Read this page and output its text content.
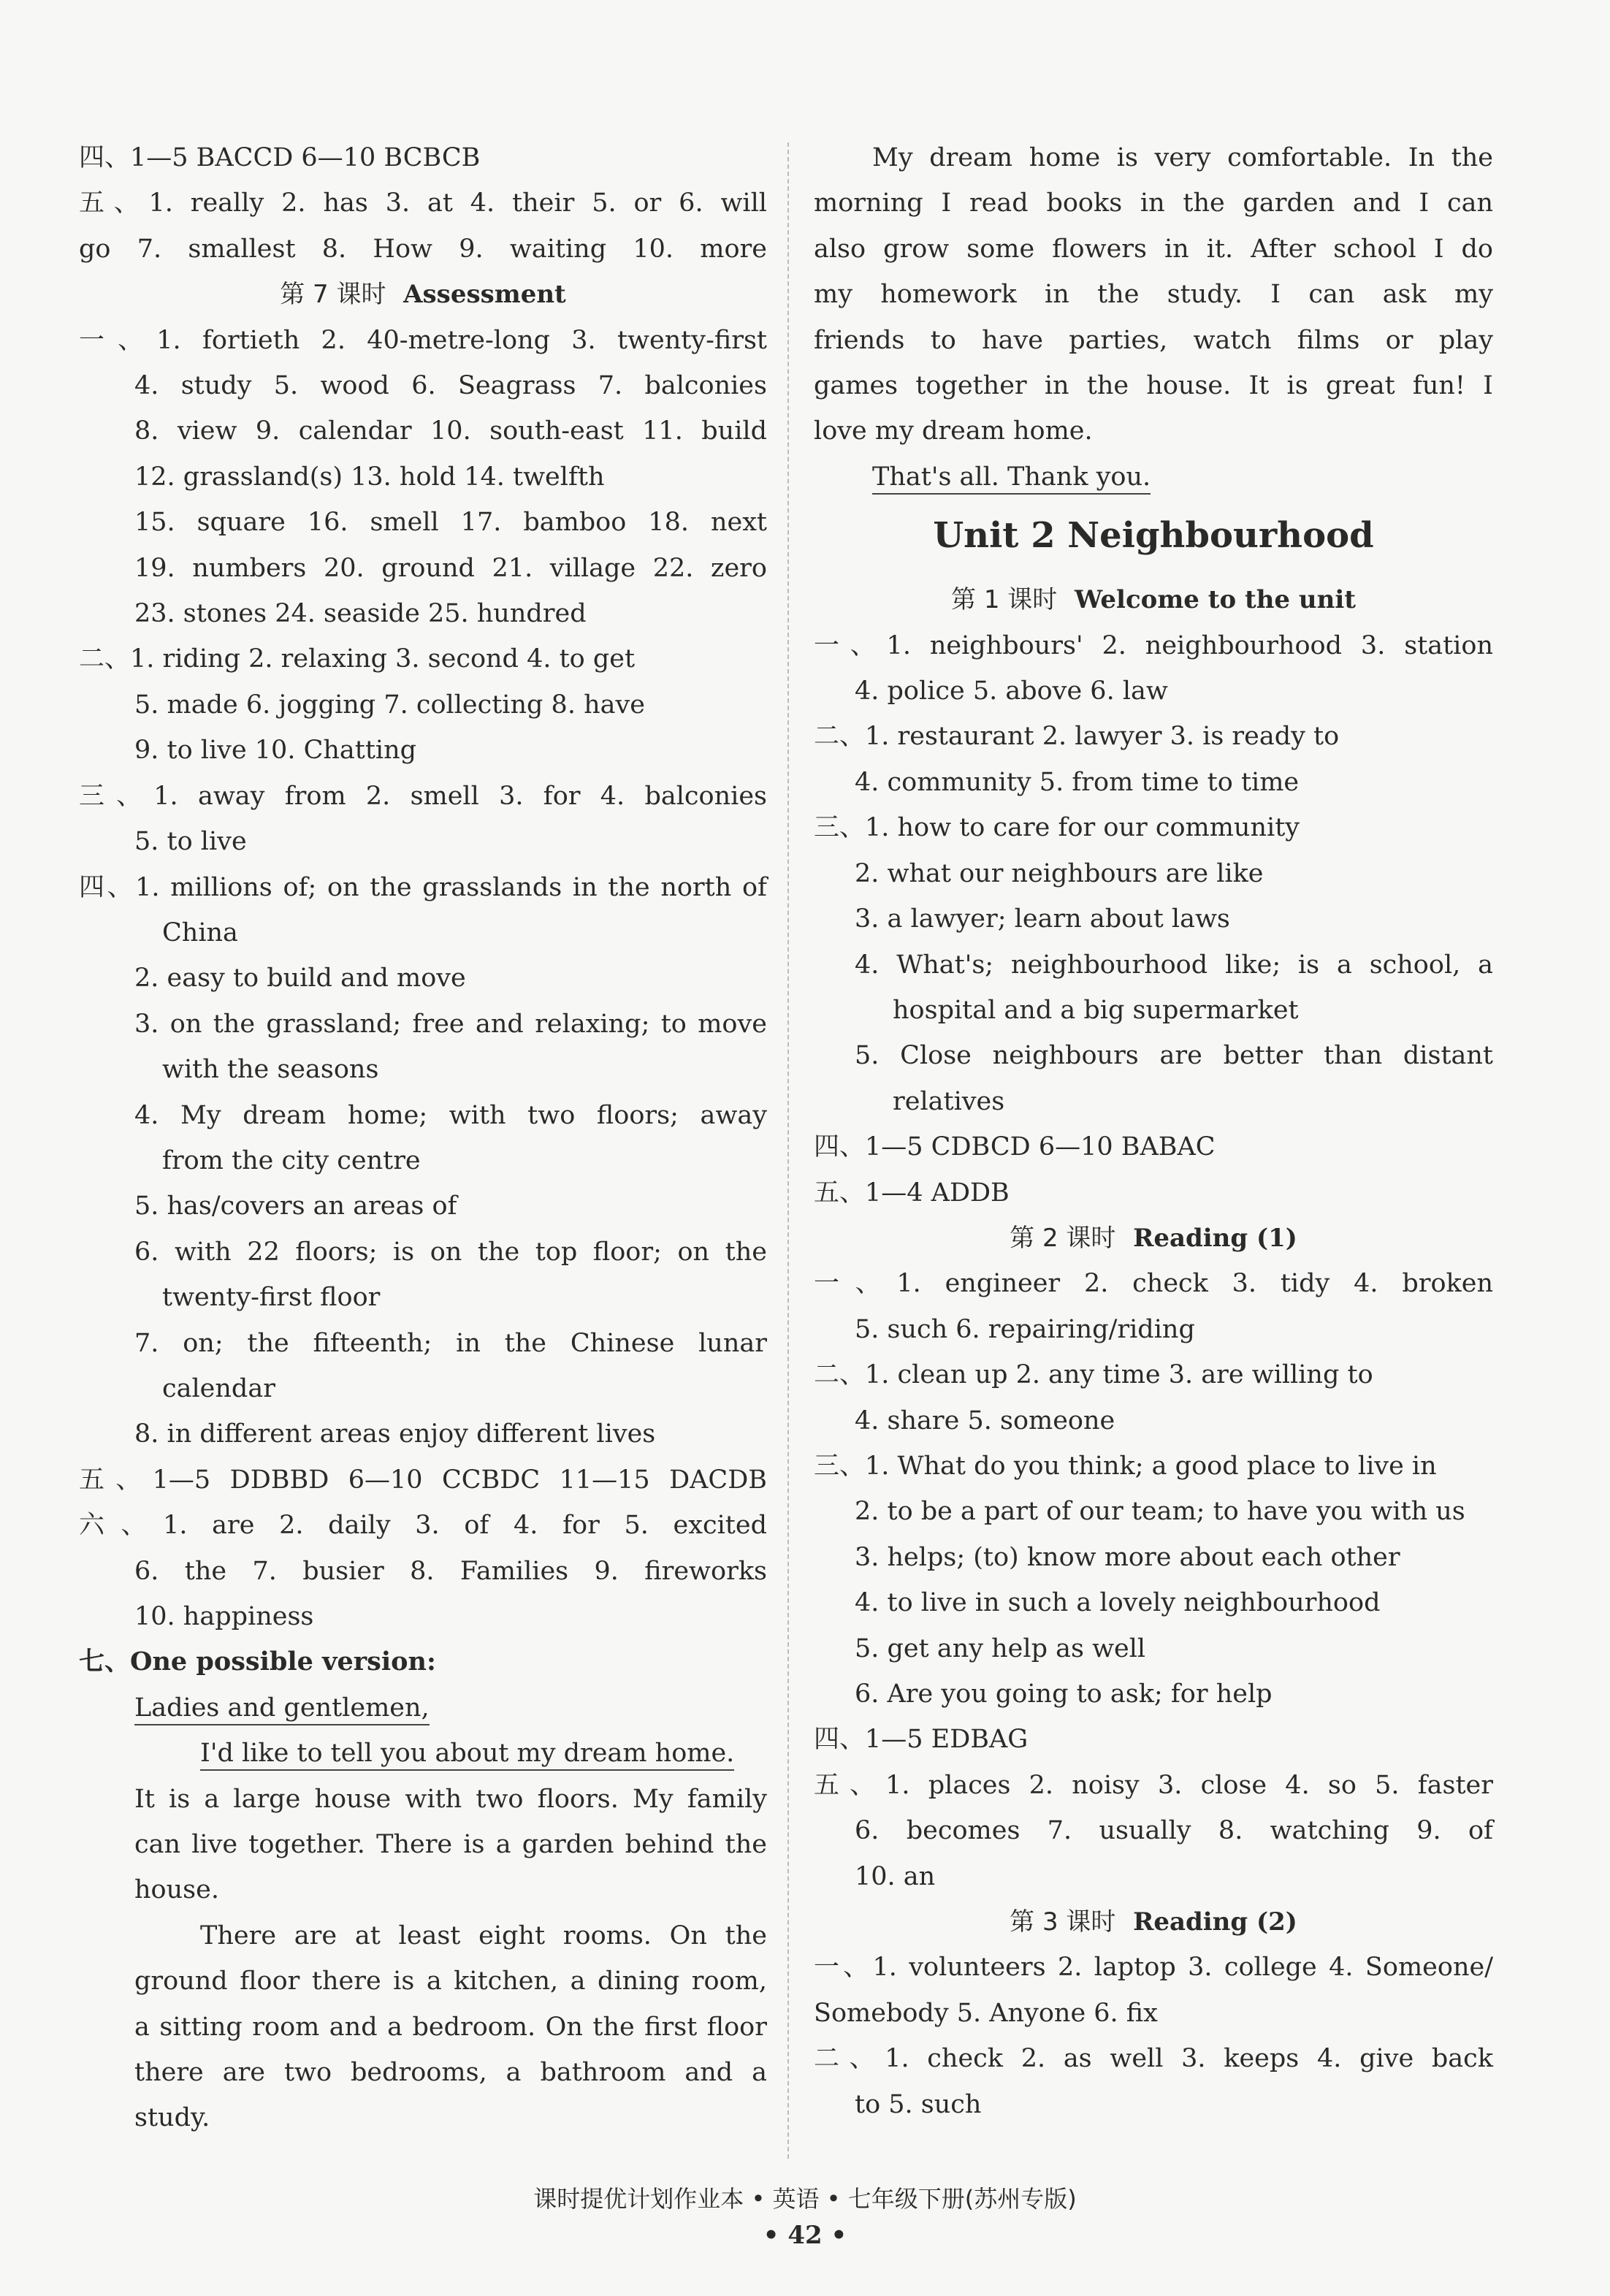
四、1—5 BACCD 6—10 BCBCB
五、1. really 2. has 3. at 4. their 5. or 6. will
go 7. smallest 8. How 9. waiting 10. more
第 7 课时 Assessment
一、1. fortieth 2. 40-metre-long 3. twenty-first
4. study 5. wood 6. Seagrass 7. balconies
8. view 9. calendar 10. south-east 11. build
12. grassland(s) 13. hold 14. twelfth
15. square 16. smell 17. bamboo 18. next
19. numbers 20. ground 21. village 22. zero
23. stones 24. seaside 25. hundred
二、1. riding 2. relaxing 3. second 4. to get
5. made 6. jogging 7. collecting 8. have
9. to live 10. Chatting
三、1. away from 2. smell 3. for 4. balconies
5. to live
四、1. millions of; on the grasslands in the north of
China
2. easy to build and move
3. on the grassland; free and relaxing; to move
with the seasons
4. My dream home; with two floors; away
from the city centre
5. has/covers an areas of
6. with 22 floors; is on the top floor; on the
twenty-first floor
7. on; the fifteenth; in the Chinese lunar
calendar
8. in different areas enjoy different lives
五、1—5 DDBBD 6—10 CCBDC 11—15 DACDB
六、1. are 2. daily 3. of 4. for 5. excited
6. the 7. busier 8. Families 9. fireworks
10. happiness
七、One possible version:
Ladies and gentlemen,
I'd like to tell you about my dream home.
It is a large house with two floors. My family
can live together. There is a garden behind the
house.
There are at least eight rooms. On the
ground floor there is a kitchen, a dining room,
a sitting room and a bedroom. On the first floor
there are two bedrooms, a bathroom and a
study.
My dream home is very comfortable. In the
morning I read books in the garden and I can
also grow some flowers in it. After school I do
my homework in the study. I can ask my
friends to have parties, watch films or play
games together in the house. It is great fun! I
love my dream home.
That's all. Thank you.
Unit 2 Neighbourhood
第 1 课时 Welcome to the unit
一、1. neighbours' 2. neighbourhood 3. station
4. police 5. above 6. law
二、1. restaurant 2. lawyer 3. is ready to
4. community 5. from time to time
三、1. how to care for our community
2. what our neighbours are like
3. a lawyer; learn about laws
4. What's; neighbourhood like; is a school, a
hospital and a big supermarket
5. Close neighbours are better than distant
relatives
四、1—5 CDBCD 6—10 BABAC
五、1—4 ADDB
第 2 课时 Reading (1)
一、1. engineer 2. check 3. tidy 4. broken
5. such 6. repairing/riding
二、1. clean up 2. any time 3. are willing to
4. share 5. someone
三、1. What do you think; a good place to live in
2. to be a part of our team; to have you with us
3. helps; (to) know more about each other
4. to live in such a lovely neighbourhood
5. get any help as well
6. Are you going to ask; for help
四、1—5 EDBAG
五、1. places 2. noisy 3. close 4. so 5. faster
6. becomes 7. usually 8. watching 9. of
10. an
第 3 课时 Reading (2)
一、1. volunteers 2. laptop 3. college 4. Someone/
Somebody 5. Anyone 6. fix
二、1. check 2. as well 3. keeps 4. give back
to 5. such
课时提优计划作业本 • 英语 • 七年级下册(苏州专版)
• 42 •
